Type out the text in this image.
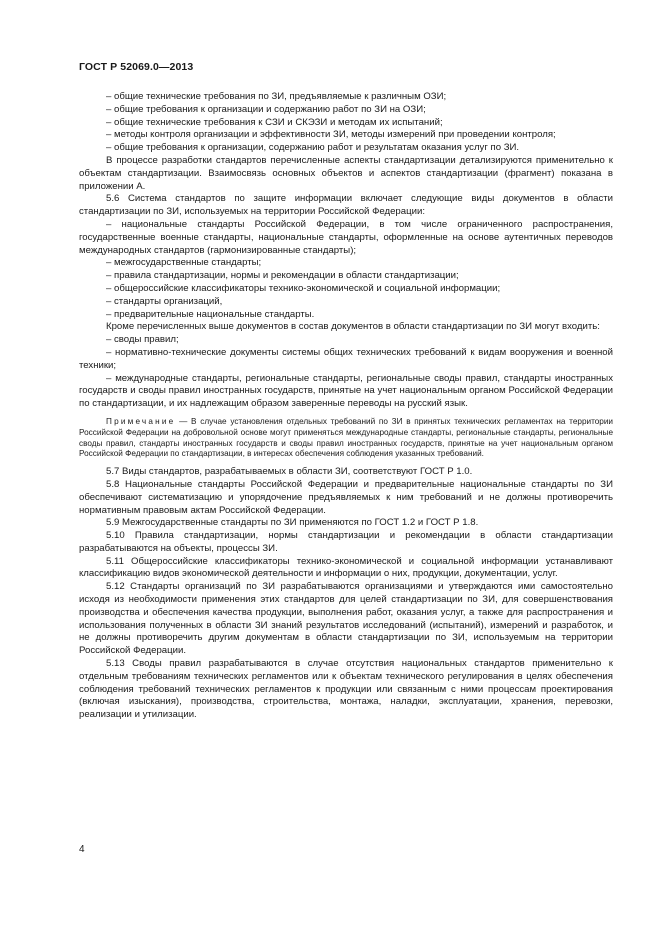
ГОСТ Р 52069.0—2013

– общие технические требования по ЗИ, предъявляемые к различным ОЗИ;

– общие требования к организации и содержанию работ по ЗИ на ОЗИ;

– общие технические требования к СЗИ и СКЭЗИ и методам их испытаний;

– методы контроля организации и эффективности ЗИ, методы измерений при проведении контроля;

– общие требования к организации, содержанию работ и результатам оказания услуг по ЗИ.

В процессе разработки стандартов перечисленные аспекты стандартизации детализируются применительно к объектам стандартизации. Взаимосвязь основных объектов и аспектов стандартизации (фрагмент) показана в приложении А.

5.6 Система стандартов по защите информации включает следующие виды документов в области стандартизации по ЗИ, используемых на территории Российской Федерации:

– национальные стандарты Российской Федерации, в том числе ограниченного распространения, государственные военные стандарты, национальные стандарты, оформленные на основе аутентичных переводов международных стандартов (гармонизированные стандарты);

– межгосударственные стандарты;

– правила стандартизации, нормы и рекомендации в области стандартизации;

– общероссийские классификаторы технико-экономической и социальной информации;

– стандарты организаций,

– предварительные национальные стандарты.

Кроме перечисленных выше документов в состав документов в области стандартизации по ЗИ могут входить:

– своды правил;

– нормативно-технические документы системы общих технических требований к видам вооружения и военной техники;

– международные стандарты, региональные стандарты, региональные своды правил, стандарты иностранных государств и своды правил иностранных государств, принятые на учет национальным органом Российской Федерации по стандартизации, и их надлежащим образом заверенные переводы на русский язык.

Примечание — В случае установления отдельных требований по ЗИ в принятых технических регламентах на территории Российской Федерации на добровольной основе могут применяться международные стандарты, региональные стандарты, региональные своды правил, стандарты иностранных государств и своды правил иностранных государств, принятые на учет национальным органом Российской Федерации по стандартизации, в интересах обеспечения соблюдения указанных требований.

5.7 Виды стандартов, разрабатываемых в области ЗИ, соответствуют ГОСТ Р 1.0.

5.8 Национальные стандарты Российской Федерации и предварительные национальные стандарты по ЗИ обеспечивают систематизацию и упорядочение предъявляемых к ним требований и не должны противоречить нормативным правовым актам Российской Федерации.

5.9 Межгосударственные стандарты по ЗИ применяются по ГОСТ 1.2 и ГОСТ Р 1.8.

5.10 Правила стандартизации, нормы стандартизации и рекомендации в области стандартизации разрабатываются на объекты, процессы ЗИ.

5.11 Общероссийские классификаторы технико-экономической и социальной информации устанавливают классификацию видов экономической деятельности и информации о них, продукции, документации, услуг.

5.12 Стандарты организаций по ЗИ разрабатываются организациями и утверждаются ими самостоятельно исходя из необходимости применения этих стандартов для целей стандартизации по ЗИ, для совершенствования производства и обеспечения качества продукции, выполнения работ, оказания услуг, а также для распространения и использования полученных в области ЗИ знаний результатов исследований (испытаний), измерений и разработок, и не должны противоречить другим документам в области стандартизации по ЗИ, используемым на территории Российской Федерации.

5.13 Своды правил разрабатываются в случае отсутствия национальных стандартов применительно к отдельным требованиям технических регламентов или к объектам технического регулирования в целях обеспечения соблюдения требований технических регламентов к продукции или связанным с ними процессам проектирования (включая изыскания), производства, строительства, монтажа, наладки, эксплуатации, хранения, перевозки, реализации и утилизации.

4
